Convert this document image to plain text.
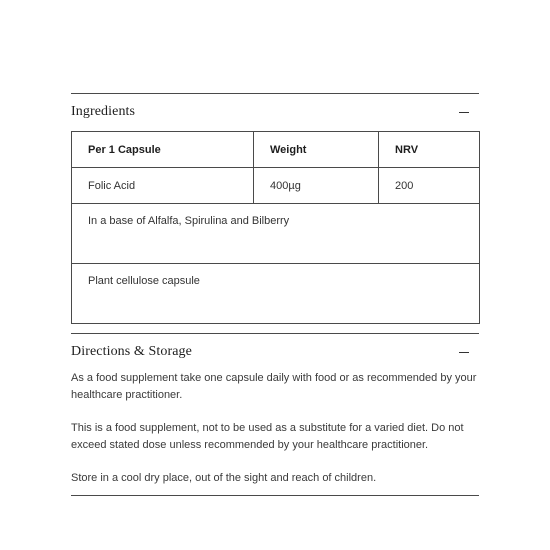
Ingredients
Per 1 Capsule	Weight	NRV
Folic Acid	400µg	200
In a base of Alfalfa, Spirulina and Bilberry		
Plant cellulose capsule		
Directions & Storage

As a food supplement take one capsule daily with food or as recommended by your healthcare practitioner.

This is a food supplement, not to be used as a substitute for a varied diet. Do not exceed stated dose unless recommended by your healthcare practitioner.

Store in a cool dry place, out of the sight and reach of children.
